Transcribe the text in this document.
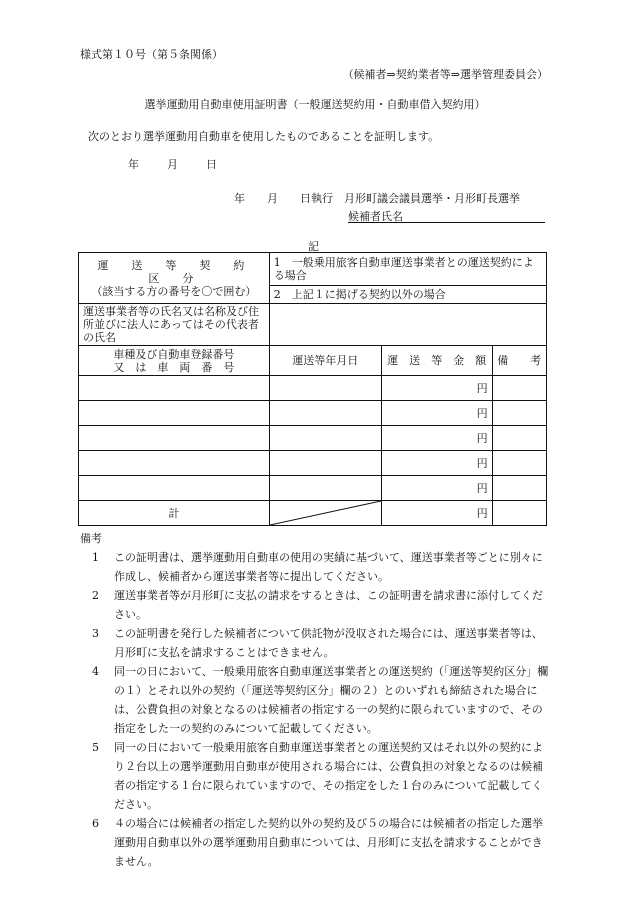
様式第１０号（第５条関係）
（候補者⇒契約業者等⇒選挙管理委員会）
選挙運動用自動車使用証明書（一般運送契約用・自動車借入契約用）
次のとおり選挙運動用自動車を使用したものであることを証明します。
年	月	日
年　　月　　日執行　月形町議会議員選挙・月形町長選挙
候補者氏名
記
運　送　等　契　約　区　分
（該当する方の番号を〇で囲む）	1　一般乗用旅客自動車運送事業者との運送契約による場合		
	2　上記１に掲げる契約以外の場合		
運送事業者等の氏名又は名称及び住所並びに法人にあってはその代表者の氏名			

車種及び自動車登録番号
又　は　車　両　番　号	運送等年月日	運　送　等　金　額	備　　考
		円	
		円	
		円	
		円	
		円	
計		円	
備考
1	この証明書は、選挙運動用自動車の使用の実績に基づいて、運送事業者等ごとに別々に作成し、候補者から運送事業者等に提出してください。
2	運送事業者等が月形町に支払の請求をするときは、この証明書を請求書に添付してください。
3	この証明書を発行した候補者について供託物が没収された場合には、運送事業者等は、月形町に支払を請求することはできません。
4	同一の日において、一般乗用旅客自動車運送事業者との運送契約（「運送等契約区分」欄の１）とそれ以外の契約（「運送等契約区分」欄の２）とのいずれも締結された場合には、公費負担の対象となるのは候補者の指定する一の契約に限られていますので、その指定をした一の契約のみについて記載してください。
5	同一の日において一般乗用旅客自動車運送事業者との運送契約又はそれ以外の契約により２台以上の選挙運動用自動車が使用される場合には、公費負担の対象となるのは候補者の指定する１台に限られていますので、その指定をした１台のみについて記載してください。
6	４の場合には候補者の指定した契約以外の契約及び５の場合には候補者の指定した選挙運動用自動車以外の選挙運動用自動車については、月形町に支払を請求することができません。
